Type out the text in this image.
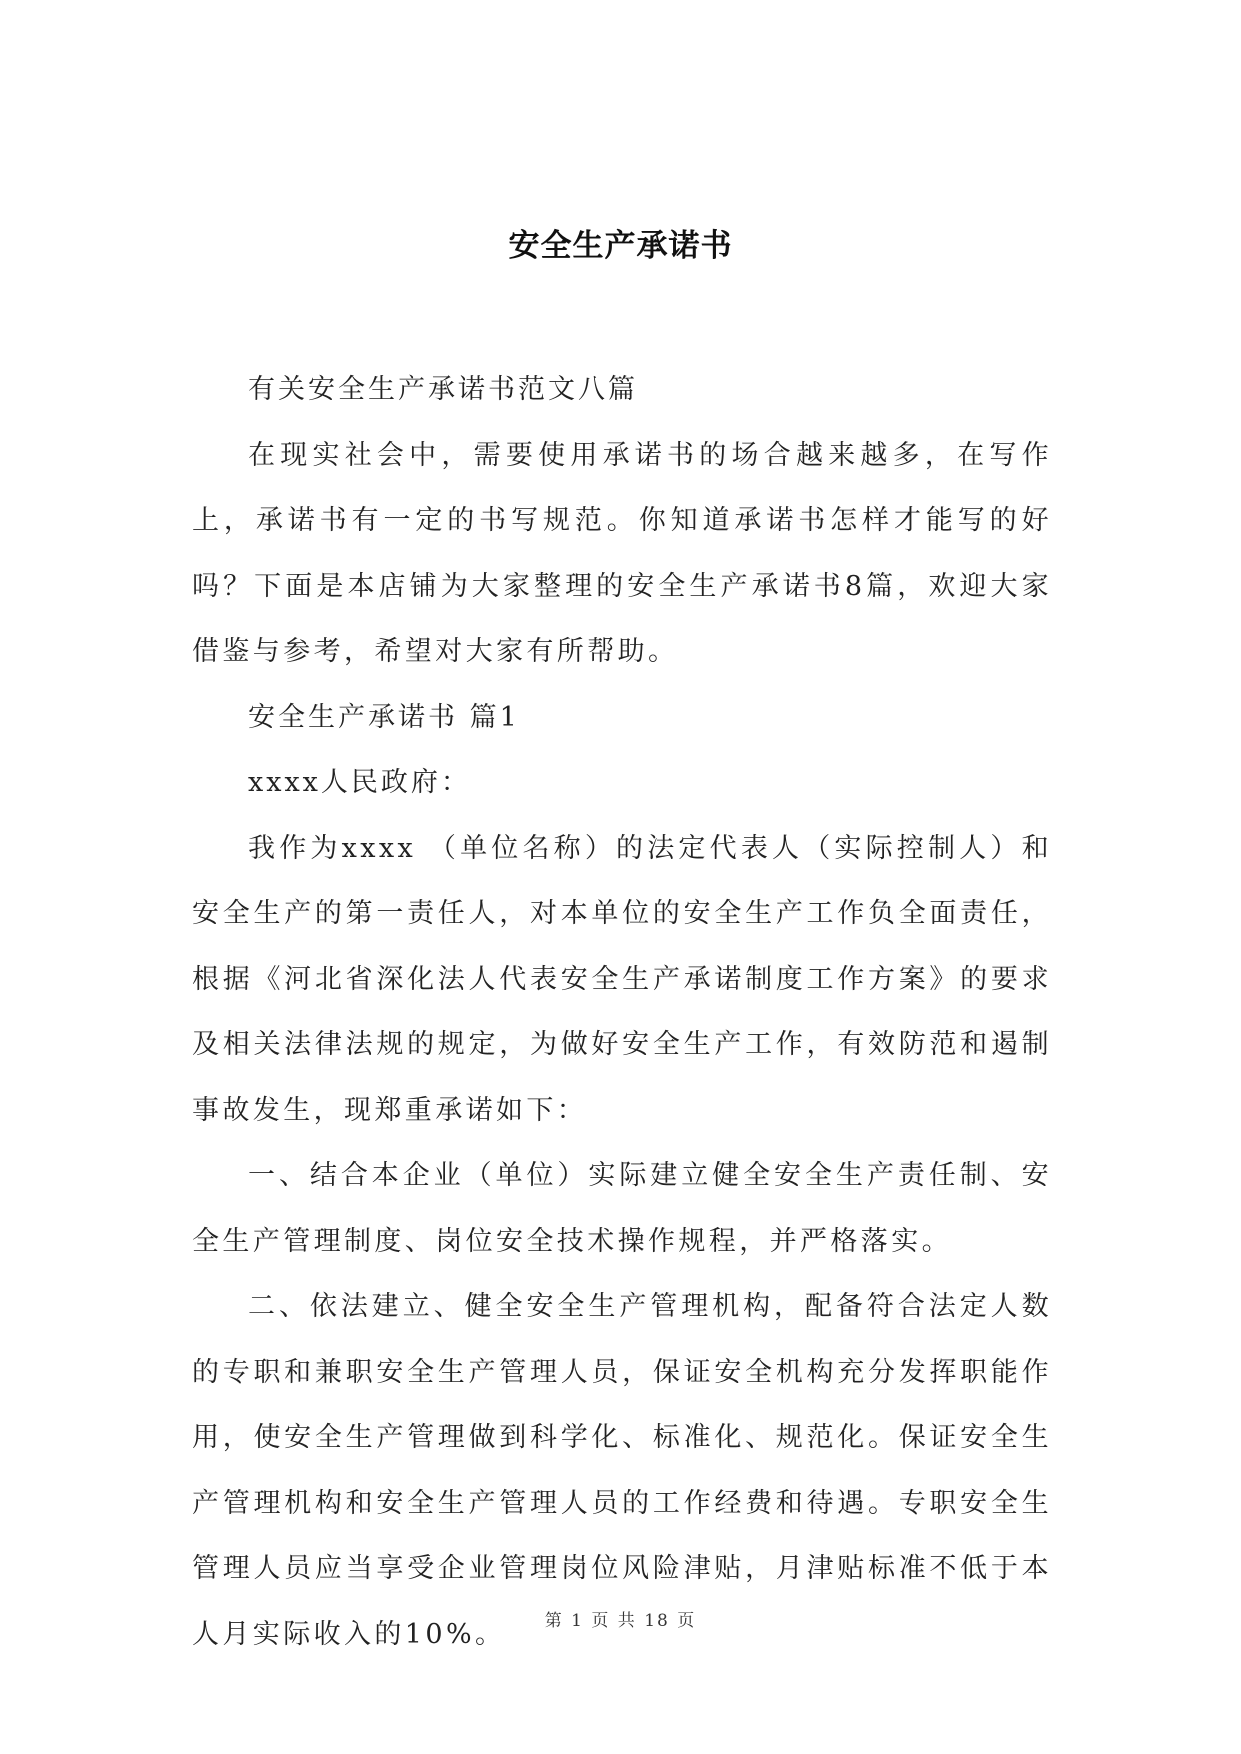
安全生产承诺书

有关安全生产承诺书范文八篇

在现实社会中，需要使用承诺书的场合越来越多，在写作上，承诺书有一定的书写规范。你知道承诺书怎样才能写的好吗？下面是本店铺为大家整理的安全生产承诺书8篇，欢迎大家借鉴与参考，希望对大家有所帮助。

安全生产承诺书 篇1

xxxx人民政府：

我作为xxxx （单位名称）的法定代表人（实际控制人）和安全生产的第一责任人，对本单位的安全生产工作负全面责任，根据《河北省深化法人代表安全生产承诺制度工作方案》的要求及相关法律法规的规定，为做好安全生产工作，有效防范和遏制事故发生，现郑重承诺如下：

一、结合本企业（单位）实际建立健全安全生产责任制、安全生产管理制度、岗位安全技术操作规程，并严格落实。

二、依法建立、健全安全生产管理机构，配备符合法定人数的专职和兼职安全生产管理人员，保证安全机构充分发挥职能作用，使安全生产管理做到科学化、标准化、规范化。保证安全生产管理机构和安全生产管理人员的工作经费和待遇。专职安全生管理人员应当享受企业管理岗位风险津贴，月津贴标准不低于本人月实际收入的10%。	第 1 页 共 18 页
